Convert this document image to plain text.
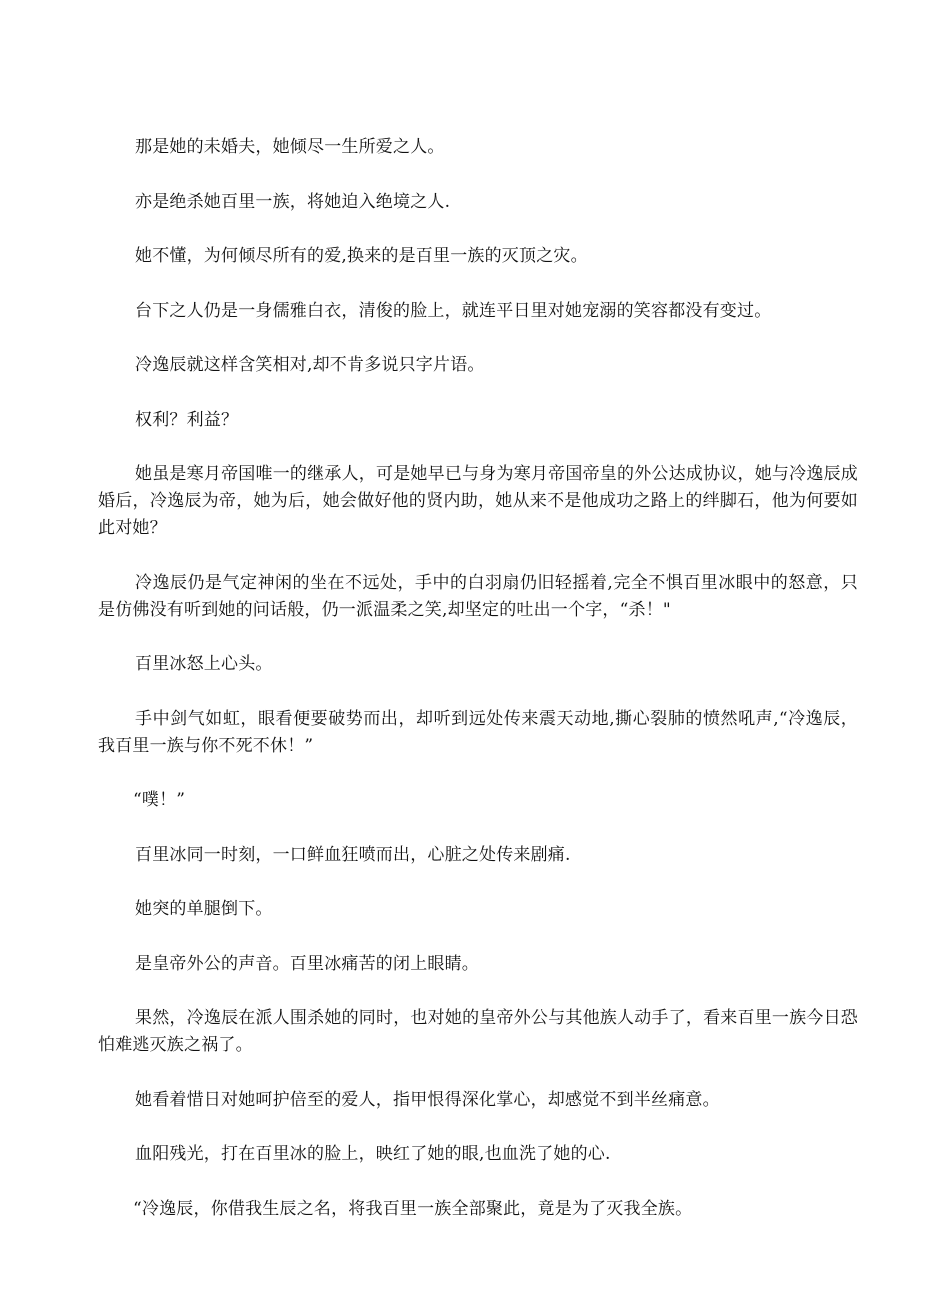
那是她的未婚夫，她倾尽一生所爱之人。

亦是绝杀她百里一族，将她迫入绝境之人.

她不懂，为何倾尽所有的爱,换来的是百里一族的灭顶之灾。

台下之人仍是一身儒雅白衣，清俊的脸上，就连平日里对她宠溺的笑容都没有变过。

冷逸辰就这样含笑相对,却不肯多说只字片语。

权利？利益？

她虽是寒月帝国唯一的继承人，可是她早已与身为寒月帝国帝皇的外公达成协议，她与冷逸辰成婚后，冷逸辰为帝，她为后，她会做好他的贤内助，她从来不是他成功之路上的绊脚石，他为何要如此对她？

冷逸辰仍是气定神闲的坐在不远处，手中的白羽扇仍旧轻摇着,完全不惧百里冰眼中的怒意，只是仿佛没有听到她的问话般，仍一派温柔之笑,却坚定的吐出一个字，“杀！"

百里冰怒上心头。

手中剑气如虹，眼看便要破势而出，却听到远处传来震天动地,撕心裂肺的愤然吼声,“冷逸辰，我百里一族与你不死不休！”

“噗！”

百里冰同一时刻，一口鲜血狂喷而出，心脏之处传来剧痛.

她突的单腿倒下。

是皇帝外公的声音。百里冰痛苦的闭上眼睛。

果然，冷逸辰在派人围杀她的同时，也对她的皇帝外公与其他族人动手了，看来百里一族今日恐怕难逃灭族之祸了。

她看着惜日对她呵护倍至的爱人，指甲恨得深化掌心，却感觉不到半丝痛意。

血阳残光，打在百里冰的脸上，映红了她的眼,也血洗了她的心.

“冷逸辰，你借我生辰之名，将我百里一族全部聚此，竟是为了灭我全族。
